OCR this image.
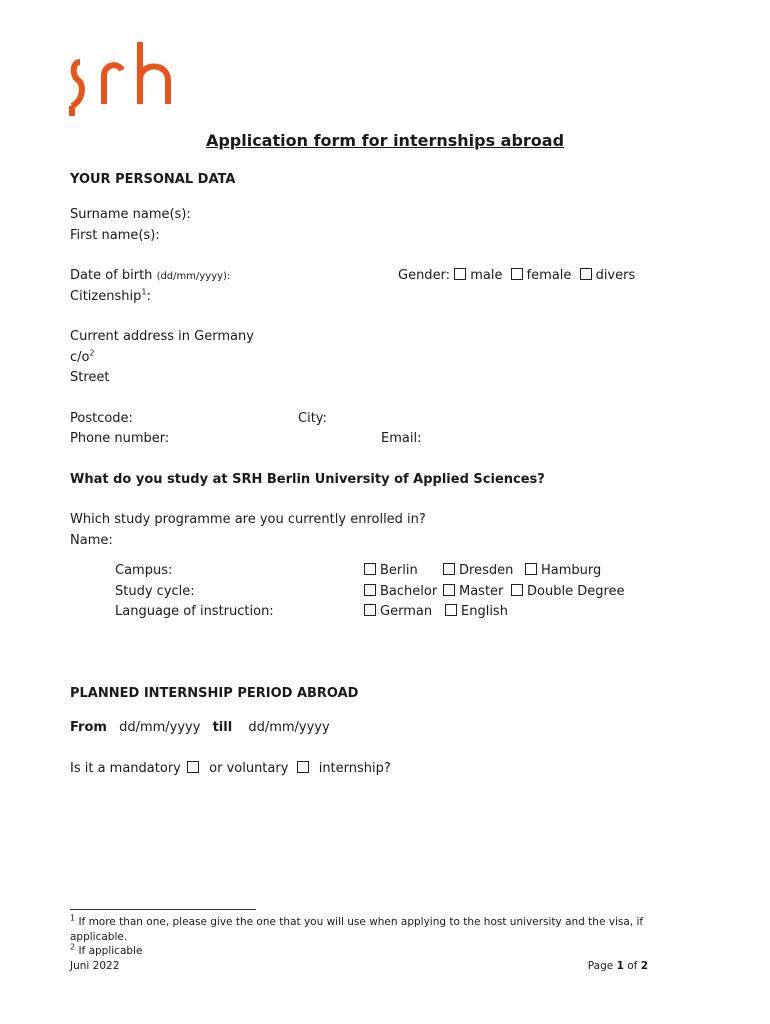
srh
Application form for internships abroad
YOUR PERSONAL DATA
Surname name(s):
First name(s):
Date of birth (dd/mm/yyyy):	Gender: male female divers
Citizenship$^1$:
Current address in Germany
$c/o^2$
Street
Postcode:	City:
Phone number:	Email:
What do you study at SRH Berlin University of Applied Sciences?
Which study programme are you currently enrolled in?
Name:
Campus:	Berlin	Dresden	Hamburg
Study cycle:	Bachelor	Master	Double Degree
Language of instruction:	German	English
PLANNED INTERNSHIP PERIOD ABROAD
From dd/mm/yyyy till dd/mm/yyyy
Is it a mandatory or voluntary internship?
$^1$ If more than one, please give the one that you will use when applying to the host university and the visa, if
applicable.
$^2$ If applicable
Juni 2022	Page 1 of 2
